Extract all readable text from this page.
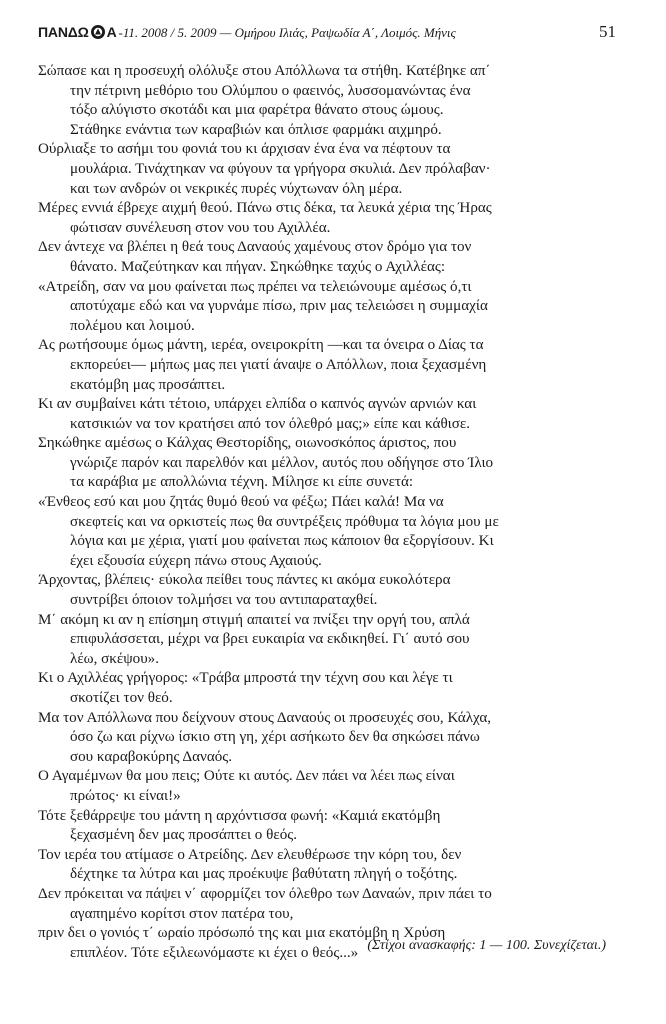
ΠΑΝΔΩ Α -11. 2008 / 5. 2009 — Ομήρου Ιλιάς, Ραψωδία Α΄, Λοιμός. Μήνις	51

Σώπασε και η προσευχή ολόλυξε στου Απόλλωνα τα στήθη. Κατέβηκε απ΄
την πέτρινη μεθόριο του Ολύμπου ο φαεινός, λυσσομανώντας ένα
τόξο αλύγιστο σκοτάδι και μια φαρέτρα θάνατο στους ώμους.
Στάθηκε ενάντια των καραβιών και όπλισε φαρμάκι αιχμηρό.

Ούρλιαξε το ασήμι του φονιά του κι άρχισαν ένα ένα να πέφτουν τα
μουλάρια. Τινάχτηκαν να φύγουν τα γρήγορα σκυλιά. Δεν πρόλαβαν·
και των ανδρών οι νεκρικές πυρές νύχτωναν όλη μέρα.

Μέρες εννιά έβρεχε αιχμή θεού. Πάνω στις δέκα, τα λευκά χέρια της Ήρας
φώτισαν συνέλευση στον νου του Αχιλλέα.

Δεν άντεχε να βλέπει η θεά τους Δαναούς χαμένους στον δρόμο για τον
θάνατο. Μαζεύτηκαν και πήγαν. Σηκώθηκε ταχύς ο Αχιλλέας:

«Ατρείδη, σαν να μου φαίνεται πως πρέπει να τελειώνουμε αμέσως ό,τι
αποτύχαμε εδώ και να γυρνάμε πίσω, πριν μας τελειώσει η συμμαχία
πολέμου και λοιμού.

Ας ρωτήσουμε όμως μάντη, ιερέα, ονειροκρίτη —και τα όνειρα ο Δίας τα
εκπορεύει— μήπως μας πει γιατί άναψε ο Απόλλων, ποια ξεχασμένη
εκατόμβη μας προσάπτει.

Κι αν συμβαίνει κάτι τέτοιο, υπάρχει ελπίδα ο καπνός αγνών αρνιών και
κατσικιών να τον κρατήσει από τον όλεθρό μας;» είπε και κάθισε.

Σηκώθηκε αμέσως ο Κάλχας Θεστορίδης, οιωνοσκόπος άριστος, που
γνώριζε παρόν και παρελθόν και μέλλον, αυτός που οδήγησε στο Ίλιο
τα καράβια με απολλώνια τέχνη. Μίλησε κι είπε συνετά:

«Ένθεος εσύ και μου ζητάς θυμό θεού να φέξω; Πάει καλά! Μα να
σκεφτείς και να ορκιστείς πως θα συντρέξεις πρόθυμα τα λόγια μου με
λόγια και με χέρια, γιατί μου φαίνεται πως κάποιον θα εξοργίσουν. Κι
έχει εξουσία εύχερη πάνω στους Αχαιούς.

Άρχοντας, βλέπεις· εύκολα πείθει τους πάντες κι ακόμα ευκολότερα
συντρίβει όποιον τολμήσει να του αντιπαραταχθεί.

Μ΄ ακόμη κι αν η επίσημη στιγμή απαιτεί να πνίξει την οργή του, απλά
επιφυλάσσεται, μέχρι να βρει ευκαιρία να εκδικηθεί. Γι΄ αυτό σου
λέω, σκέψου».

Κι ο Αχιλλέας γρήγορος: «Τράβα μπροστά την τέχνη σου και λέγε τι
σκοτίζει τον θεό.

Μα τον Απόλλωνα που δείχνουν στους Δαναούς οι προσευχές σου, Κάλχα,
όσο ζω και ρίχνω ίσκιο στη γη, χέρι ασήκωτο δεν θα σηκώσει πάνω
σου καραβοκύρης Δαναός.

Ο Αγαμέμνων θα μου πεις; Ούτε κι αυτός. Δεν πάει να λέει πως είναι
πρώτος· κι είναι!»

Τότε ξεθάρρεψε του μάντη η αρχόντισσα φωνή: «Καμιά εκατόμβη
ξεχασμένη δεν μας προσάπτει ο θεός.

Τον ιερέα του ατίμασε ο Ατρείδης. Δεν ελευθέρωσε την κόρη του, δεν
δέχτηκε τα λύτρα και μας προέκυψε βαθύτατη πληγή ο τοξότης.

Δεν πρόκειται να πάψει ν΄ αφορμίζει τον όλεθρο των Δαναών, πριν πάει το
αγαπημένο κορίτσι στον πατέρα του,

πριν δει ο γονιός τ΄ ωραίο πρόσωπό της και μια εκατόμβη η Χρύση
επιπλέον. Τότε εξιλεωνόμαστε κι έχει ο θεός...» (Στίχοι ανασκαφής: 1 — 100. Συνεχίζεται.)
